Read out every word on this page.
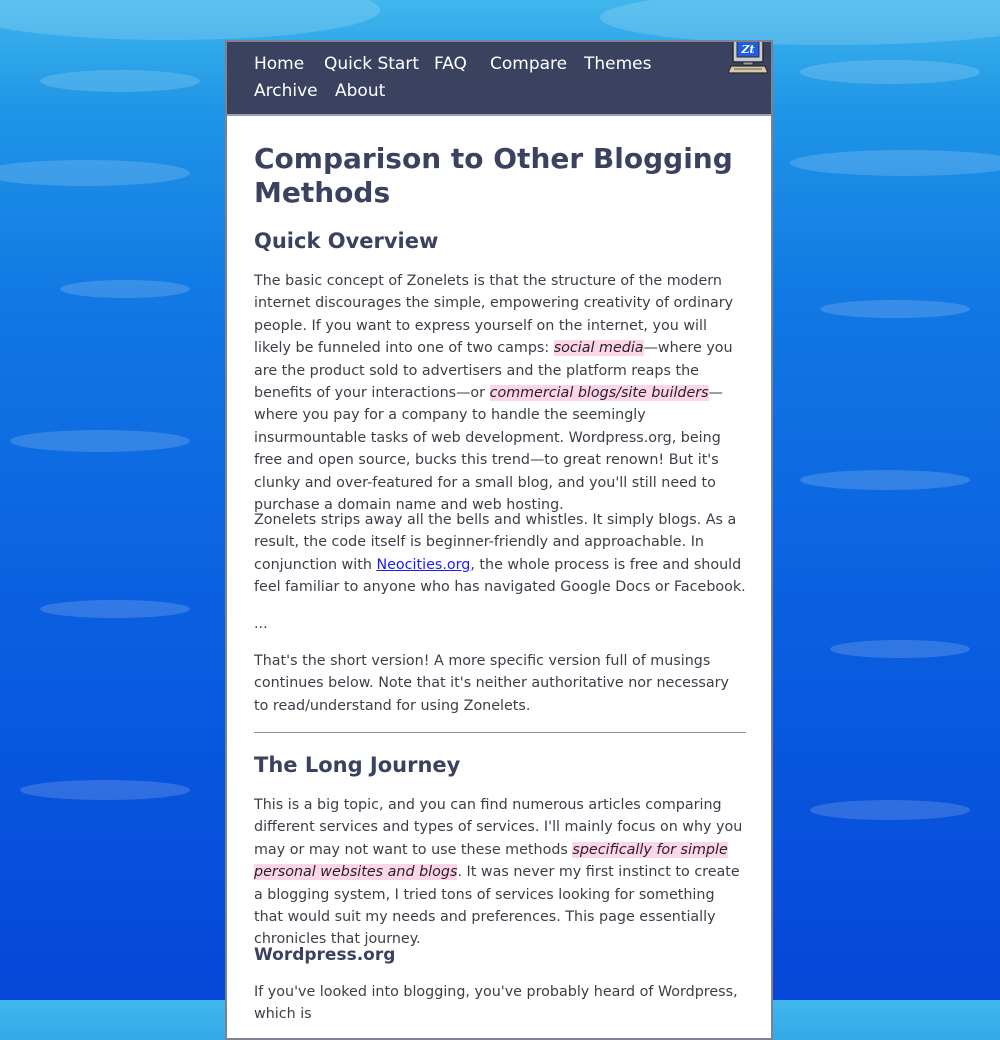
Home Quick Start FAQ Compare Themes
Archive About
Zt
Comparison to Other Blogging Methods
Quick Overview

The basic concept of Zonelets is that the structure of the modern internet discourages the simple, empowering creativity of ordinary people. If you want to express yourself on the internet, you will likely be funneled into one of two camps: social media—where you are the product sold to advertisers and the platform reaps the benefits of your interactions—or commercial blogs/site builders—where you pay for a company to handle the seemingly insurmountable tasks of web development. Wordpress.org, being free and open source, bucks this trend—to great renown! But it's clunky and over-featured for a small blog, and you'll still need to purchase a domain name and web hosting.

Zonelets strips away all the bells and whistles. It simply blogs. As a result, the code itself is beginner-friendly and approachable. In conjunction with Neocities.org, the whole process is free and should feel familiar to anyone who has navigated Google Docs or Facebook.

...

That's the short version! A more specific version full of musings continues below. Note that it's neither authoritative nor necessary to read/understand for using Zonelets.

The Long Journey

This is a big topic, and you can find numerous articles comparing different services and types of services. I'll mainly focus on why you may or may not want to use these methods specifically for simple personal websites and blogs. It was never my first instinct to create a blogging system, I tried tons of services looking for something that would suit my needs and preferences. This page essentially chronicles that journey.

Wordpress.org

If you've looked into blogging, you've probably heard of Wordpress, which is
